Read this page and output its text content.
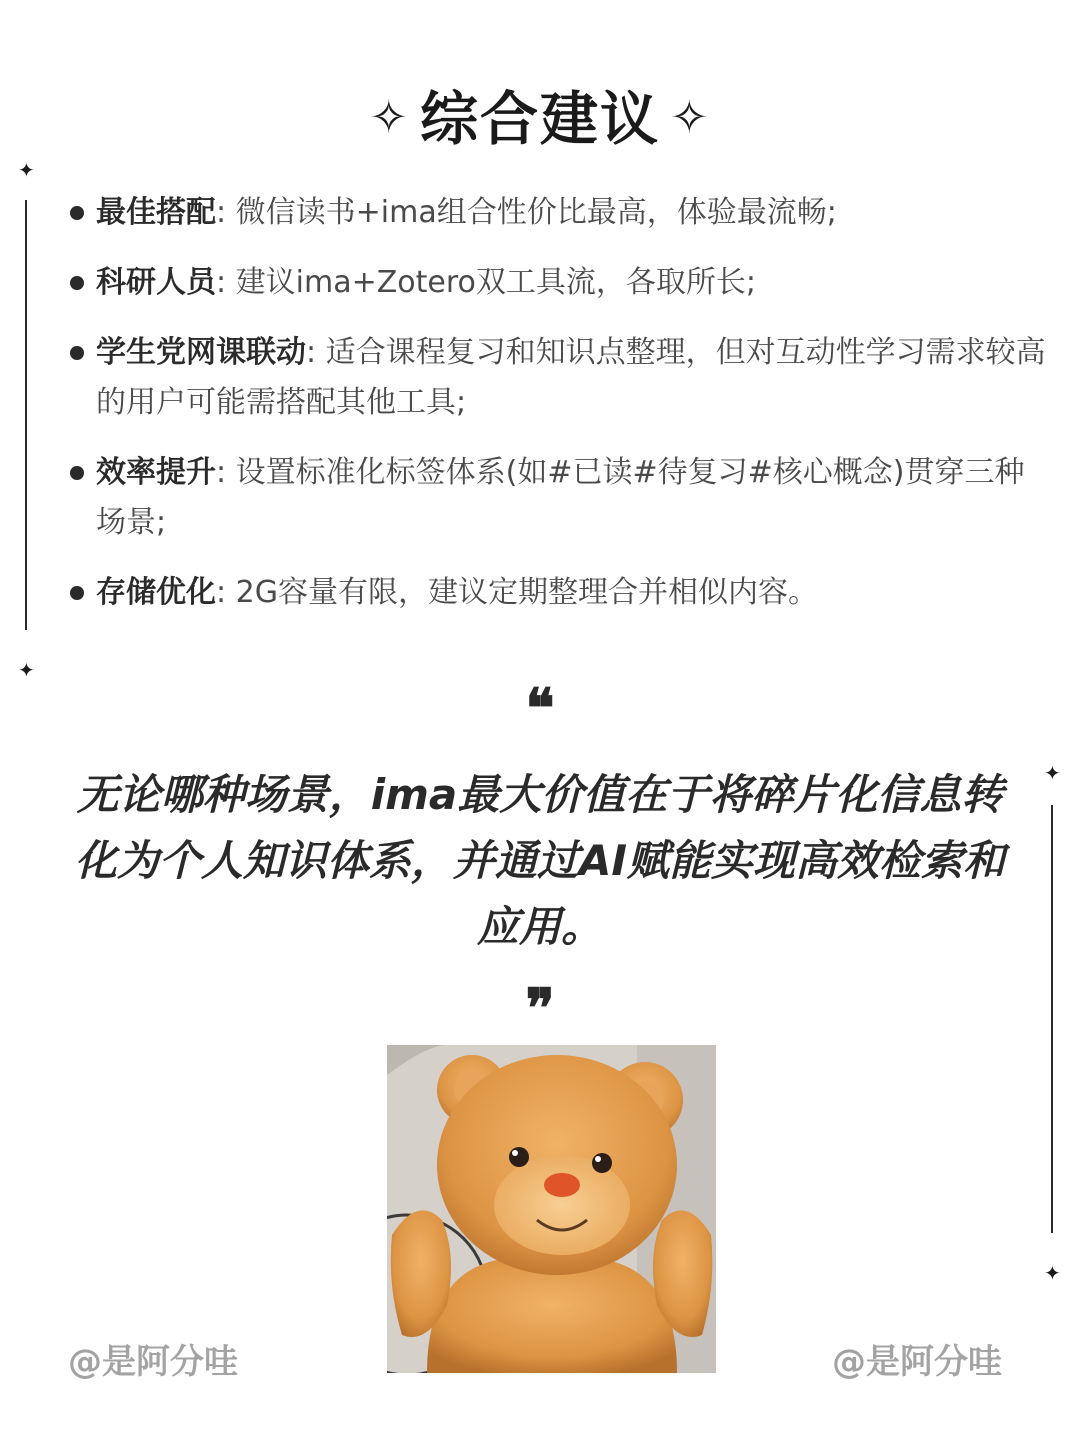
✧ 综合建议 ✧
✦
✦
✦
✦
最佳搭配: 微信读书+ima组合性价比最高，体验最流畅;
科研人员: 建议ima+Zotero双工具流，各取所长;
学生党网课联动: 适合课程复习和知识点整理，但对互动性学习需求较高的用户可能需搭配其他工具;
效率提升: 设置标准化标签体系(如#已读#待复习#核心概念)贯穿三种场景;
存储优化: 2G容量有限，建议定期整理合并相似内容。
❝
无论哪种场景，ima最大价值在于将碎片化信息转化为个人知识体系，并通过AI赋能实现高效检索和应用。
❞
@是阿分哇	@是阿分哇
